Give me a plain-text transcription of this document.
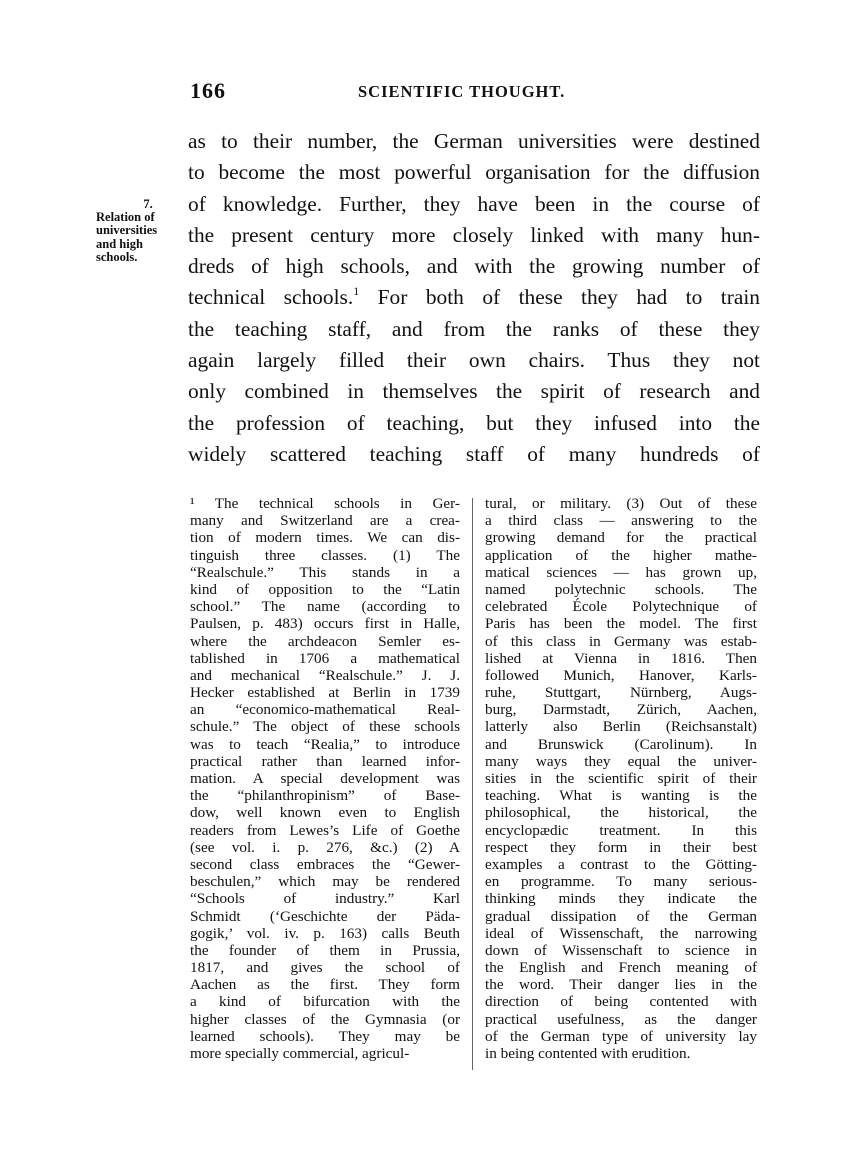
166	SCIENTIFIC THOUGHT.
7.
Relation of
universities
and high
schools.
as to their number, the German universities were destined
to become the most powerful organisation for the diffusion
of knowledge. Further, they have been in the course of
the present century more closely linked with many hun-
dreds of high schools, and with the growing number of
technical schools.$^1$ For both of these they had to train
the teaching staff, and from the ranks of these they
again largely filled their own chairs. Thus they not
only combined in themselves the spirit of research and
the profession of teaching, but they infused into the
widely scattered teaching staff of many hundreds of
¹ The technical schools in Ger-
many and Switzerland are a crea-
tion of modern times. We can dis-
tinguish three classes. (1) The
“Realschule.” This stands in a
kind of opposition to the “Latin
school.” The name (according to
Paulsen, p. 483) occurs first in Halle,
where the archdeacon Semler es-
tablished in 1706 a mathematical
and mechanical “Realschule.” J. J.
Hecker established at Berlin in 1739
an “economico-mathematical Real-
schule.” The object of these schools
was to teach “Realia,” to introduce
practical rather than learned infor-
mation. A special development was
the “philanthropinism” of Base-
dow, well known even to English
readers from Lewes’s Life of Goethe
(see vol. i. p. 276, &c.) (2) A
second class embraces the “Gewer-
beschulen,” which may be rendered
“Schools of industry.” Karl
Schmidt (‘Geschichte der Päda-
gogik,’ vol. iv. p. 163) calls Beuth
the founder of them in Prussia,
1817, and gives the school of
Aachen as the first. They form
a kind of bifurcation with the
higher classes of the Gymnasia (or
learned schools). They may be
more specially commercial, agricul-
tural, or military. (3) Out of these
a third class — answering to the
growing demand for the practical
application of the higher mathe-
matical sciences — has grown up,
named polytechnic schools. The
celebrated École Polytechnique of
Paris has been the model. The first
of this class in Germany was estab-
lished at Vienna in 1816. Then
followed Munich, Hanover, Karls-
ruhe, Stuttgart, Nürnberg, Augs-
burg, Darmstadt, Zürich, Aachen,
latterly also Berlin (Reichsanstalt)
and Brunswick (Carolinum). In
many ways they equal the univer-
sities in the scientific spirit of their
teaching. What is wanting is the
philosophical, the historical, the
encyclopædic treatment. In this
respect they form in their best
examples a contrast to the Götting-
en programme. To many serious-
thinking minds they indicate the
gradual dissipation of the German
ideal of Wissenschaft, the narrowing
down of Wissenschaft to science in
the English and French meaning of
the word. Their danger lies in the
direction of being contented with
practical usefulness, as the danger
of the German type of university lay
in being contented with erudition.
